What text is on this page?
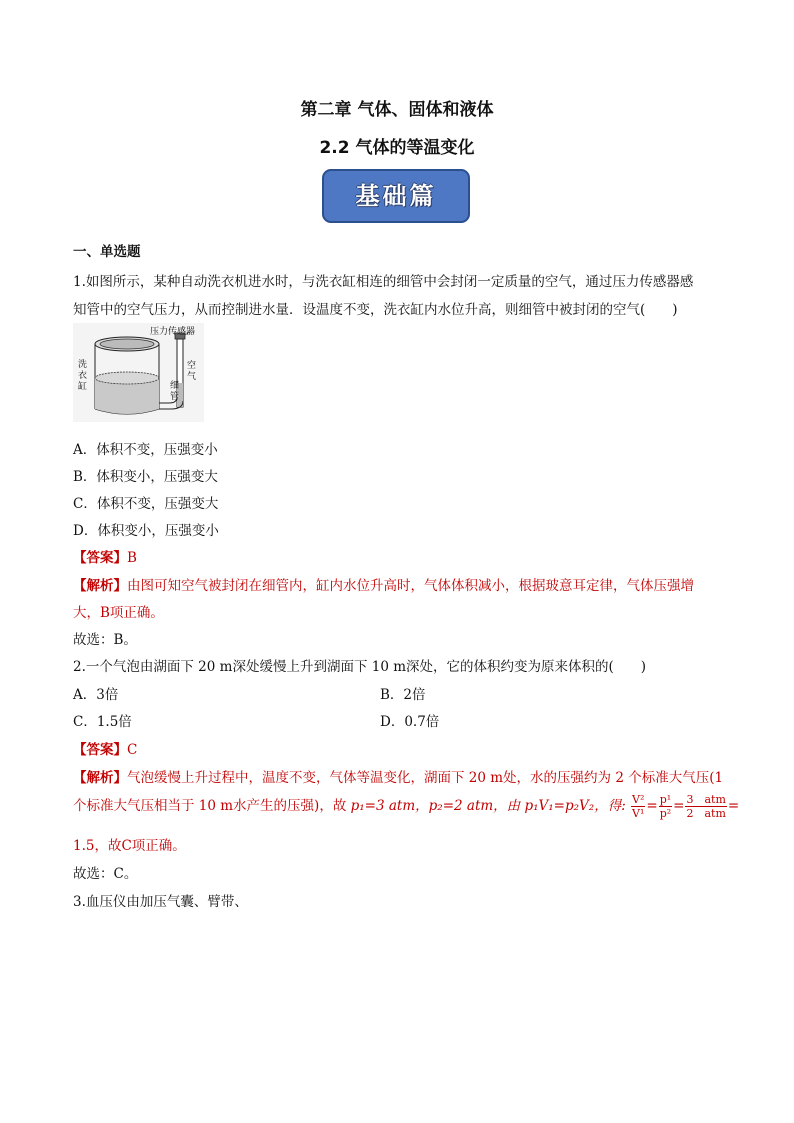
第二章 气体、固体和液体
2.2 气体的等温变化
基础篇
一、单选题
1.如图所示，某种自动洗衣机进水时，与洗衣缸相连的细管中会封闭一定质量的空气，通过压力传感器感
知管中的空气压力，从而控制进水量．设温度不变，洗衣缸内水位升高，则细管中被封闭的空气(　　)
压力传感器
洗衣缸
空气
细管
A．体积不变，压强变小
B．体积变小，压强变大
C．体积不变，压强变大
D．体积变小，压强变小
【答案】B
【解析】由图可知空气被封闭在细管内，缸内水位升高时，气体体积减小，根据玻意耳定律，气体压强增
大，B项正确。
故选：B。
2.一个气泡由湖面下 20 m深处缓慢上升到湖面下 10 m深处，它的体积约变为原来体积的(　　)
A．3倍	B．2倍
C．1.5倍	D．0.7倍
【答案】C
【解析】气泡缓慢上升过程中，温度不变，气体等温变化，湖面下 20 m处，水的压强约为 2 个标准大气压(1
个标准大气压相当于 10 m水产生的压强)，故 p₁=3 atm，p₂=2 atm，由 p₁V₁=p₂V₂，得: $\frac{\text{V²}}{\text{V¹}} = \frac{\text{p¹}}{\text{p²}} = \frac{\text{3　atm}}{\text{2　atm}}$ =
1.5，故C项正确。
故选：C。
3.血压仪由加压气囊、臂带、
